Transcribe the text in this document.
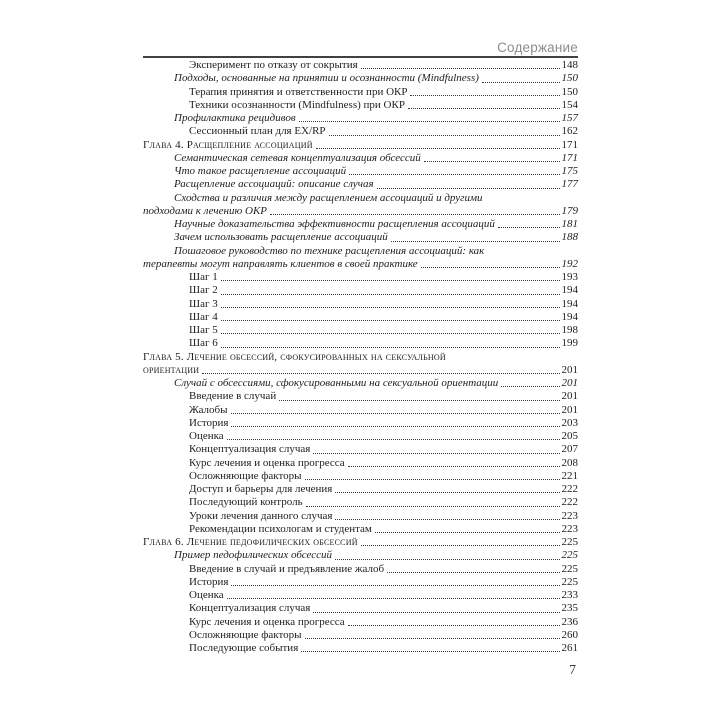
Содержание
Эксперимент по отказу от сокрытия	148
Подходы, основанные на принятии и осознанности (Mindfulness)	150
Терапия принятия и ответственности при ОКР	150
Техники осознанности (Mindfulness) при ОКР	154
Профилактика рецидивов	157
Сессионный план для EX/RP	162
Глава 4. Расщепление ассоциаций	171
Семантическая сетевая концептуализация обсессий	171
Что такое расщепление ассоциаций	175
Расщепление ассоциаций: описание случая	177
Сходства и различия между расщеплением ассоциаций и другими
подходами к лечению ОКР	179
Научные доказательства эффективности расщепления ассоциаций	181
Зачем использовать расщепление ассоциаций	188
Пошаговое руководство по технике расщепления ассоциаций: как
терапевты могут направлять клиентов в своей практике	192
Шаг 1	193
Шаг 2	194
Шаг 3	194
Шаг 4	194
Шаг 5	198
Шаг 6	199
Глава 5. Лечение обсессий, сфокусированных на сексуальной
ориентации	201
Случай с обсессиями, сфокусированными на сексуальной ориентации	201
Введение в случай	201
Жалобы	201
История	203
Оценка	205
Концептуализация случая	207
Курс лечения и оценка прогресса	208
Осложняющие факторы	221
Доступ и барьеры для лечения	222
Последующий контроль	222
Уроки лечения данного случая	223
Рекомендации психологам и студентам	223
Глава 6. Лечение педофилических обсессий	225
Пример педофилических обсессий	225
Введение в случай и предъявление жалоб	225
История	225
Оценка	233
Концептуализация случая	235
Курс лечения и оценка прогресса	236
Осложняющие факторы	260
Последующие события	261
7
